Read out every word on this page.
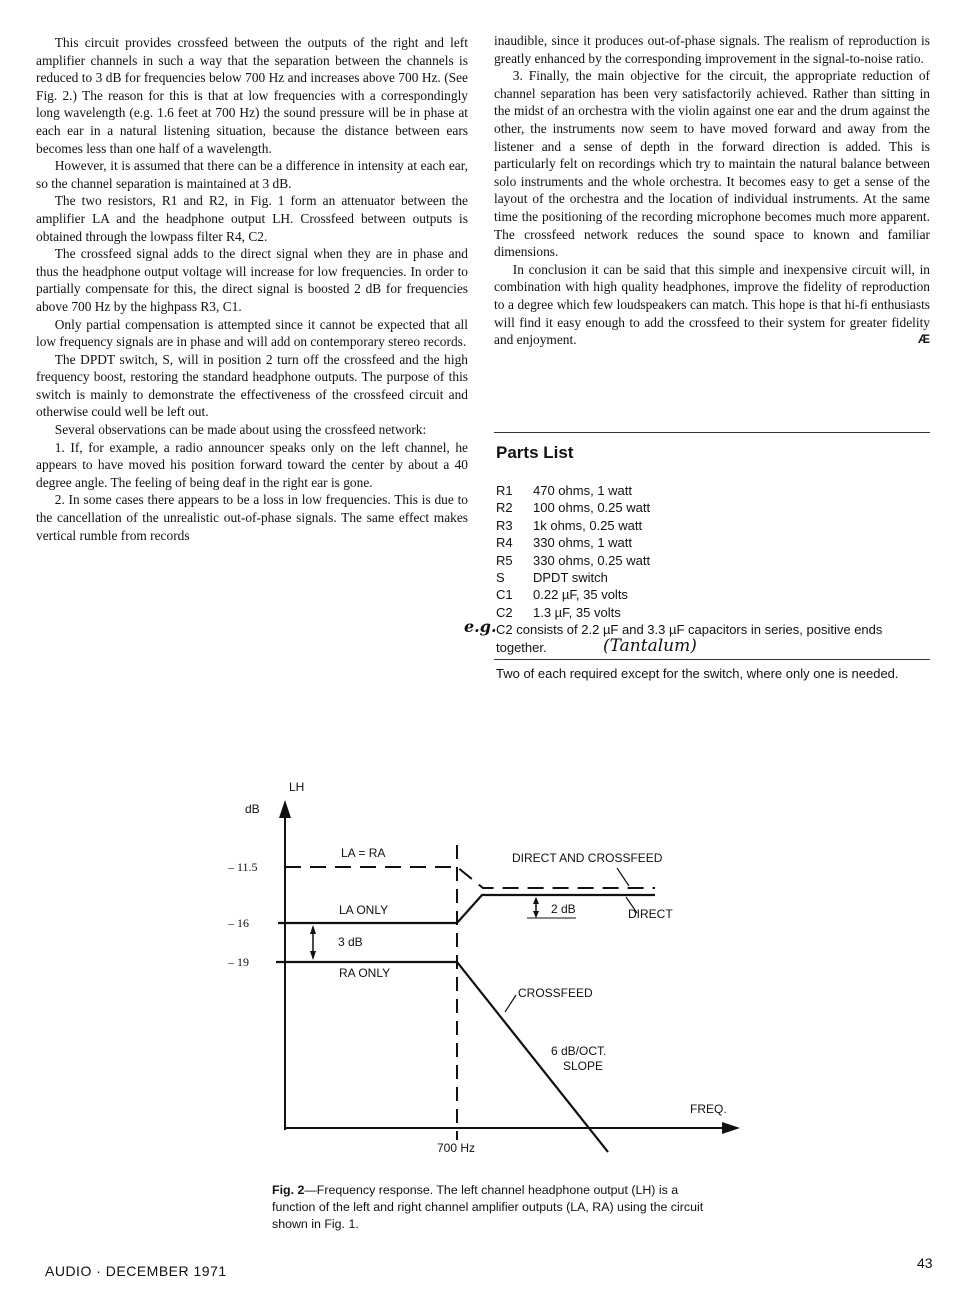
This circuit provides crossfeed between the outputs of the right and left amplifier channels in such a way that the separation between the channels is reduced to 3 dB for frequencies below 700 Hz and increases above 700 Hz. (See Fig. 2.) The reason for this is that at low frequencies with a correspondingly long wavelength (e.g. 1.6 feet at 700 Hz) the sound pressure will be in phase at each ear in a natural listening situation, because the distance between ears becomes less than one half of a wavelength.

However, it is assumed that there can be a difference in intensity at each ear, so the channel separation is maintained at 3 dB.

The two resistors, R1 and R2, in Fig. 1 form an attenuator between the amplifier LA and the headphone output LH. Crossfeed between outputs is obtained through the lowpass filter R4, C2.

The crossfeed signal adds to the direct signal when they are in phase and thus the headphone output voltage will increase for low frequencies. In order to partially compensate for this, the direct signal is boosted 2 dB for frequencies above 700 Hz by the highpass R3, C1.

Only partial compensation is attempted since it cannot be expected that all low frequency signals are in phase and will add on contemporary stereo records.

The DPDT switch, S, will in position 2 turn off the crossfeed and the high frequency boost, restoring the standard headphone outputs. The purpose of this switch is mainly to demonstrate the effectiveness of the crossfeed circuit and otherwise could well be left out.

Several observations can be made about using the crossfeed network:

1. If, for example, a radio announcer speaks only on the left channel, he appears to have moved his position forward toward the center by about a 40 degree angle. The feeling of being deaf in the right ear is gone.

2. In some cases there appears to be a loss in low frequencies. This is due to the cancellation of the unrealistic out-of-phase signals. The same effect makes vertical rumble from records

inaudible, since it produces out-of-phase signals. The realism of reproduction is greatly enhanced by the corresponding improvement in the signal-to-noise ratio.

3. Finally, the main objective for the circuit, the appropriate reduction of channel separation has been very satisfactorily achieved. Rather than sitting in the midst of an orchestra with the violin against one ear and the drum against the other, the instruments now seem to have moved forward and away from the listener and a sense of depth in the forward direction is added. This is particularly felt on recordings which try to maintain the natural balance between solo instruments and the whole orchestra. It becomes easy to get a sense of the layout of the orchestra and the location of individual instruments. At the same time the positioning of the recording microphone becomes much more apparent. The crossfeed network reduces the sound space to known and familiar dimensions.

In conclusion it can be said that this simple and inexpensive circuit will, in combination with high quality headphones, improve the fidelity of reproduction to a degree which few loudspeakers can match. This hope is that hi-fi enthusiasts will find it easy enough to add the crossfeed to their system for greater fidelity and enjoyment.	Æ

Parts List
R1	470 ohms, 1 watt
R2	100 ohms, 0.25 watt
R3	1k ohms, 0.25 watt
R4	330 ohms, 1 watt
R5	330 ohms, 0.25 watt
S	DPDT switch
C1	0.22 µF, 35 volts
C2	1.3 µF, 35 volts
C2 consists of 2.2 µF and 3.3 µF capacitors in series, positive ends together.
e.g.
(Tantalum)
Two of each required except for the switch, where only one is needed.
LH
dB
– 11.5
– 16
– 19
LA = RA
LA ONLY
3 dB
RA ONLY
DIRECT AND CROSSFEED
2 dB	DIRECT
CROSSFEED
6 dB/OCT.
SLOPE
FREQ.
700 Hz
Fig. 2—Frequency response. The left channel headphone output (LH) is a function of the left and right channel amplifier outputs (LA, RA) using the circuit shown in Fig. 1.
AUDIO · DECEMBER 1971	43
